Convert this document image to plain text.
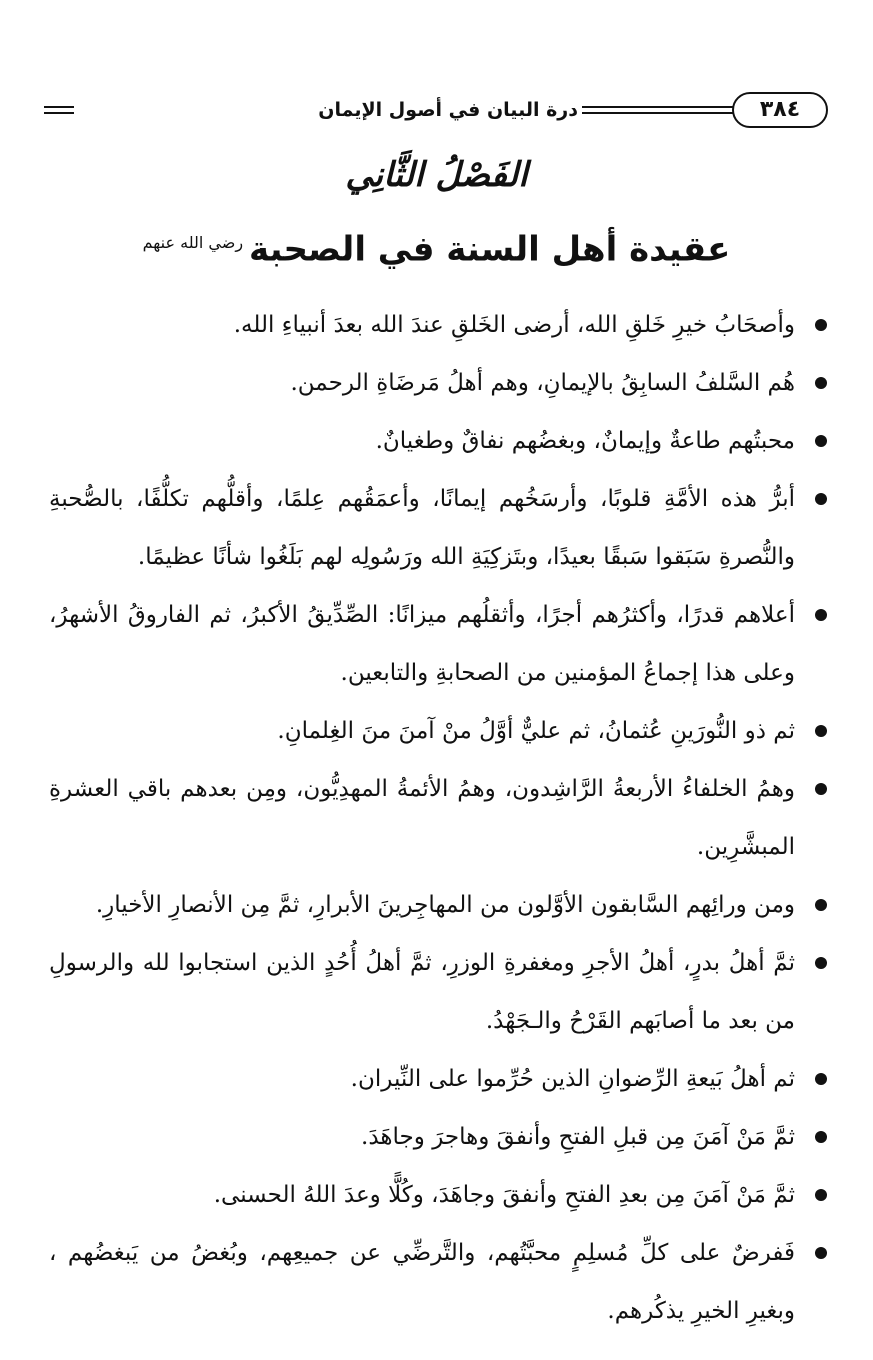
٣٨٤
درة البيان في أصول الإيمان
الفَصْلُ الثَّانِي
عقيدة أهل السنة في الصحبة$^{رضي الله عنهم}$
وأصحَابُ خيرِ خَلقِ الله، أرضى الخَلقِ عندَ الله بعدَ أنبياءِ الله.
هُم السَّلفُ السابِقُ بالإيمانِ، وهم أهلُ مَرضَاةِ الرحمن.
محبتُهم طاعةٌ وإيمانٌ، وبغضُهم نفاقٌ وطغيانٌ.
أبرُّ هذه الأمَّةِ قلوبًا، وأرسَخُهم إيمانًا، وأعمَقُهم عِلمًا، وأقلُّهم تكلُّفًا، بالصُّحبةِ والنُّصرةِ سَبَقوا سَبقًا بعيدًا، وبتَزكِيَةِ الله ورَسُولِه لهم بَلَغُوا شأنًا عظيمًا.
أعلاهم قدرًا، وأكثرُهم أجرًا، وأثقلُهم ميزانًا: الصِّدِّيقُ الأكبرُ، ثم الفاروقُ الأشهرُ، وعلى هذا إجماعُ المؤمنين من الصحابةِ والتابعين.
ثم ذو النُّورَينِ عُثمانُ، ثم عليٌّ أوَّلُ منْ آمنَ منَ الغِلمانِ.
وهمُ الخلفاءُ الأربعةُ الرَّاشِدون، وهمُ الأئمةُ المهدِيُّون، ومِن بعدهم باقي العشرةِ المبشَّرِين.
ومن ورائِهم السَّابقون الأوَّلون من المهاجِرينَ الأبرارِ، ثمَّ مِن الأنصارِ الأخيارِ.
ثمَّ أهلُ بدرٍ، أهلُ الأجرِ ومغفرةِ الوزرِ، ثمَّ أهلُ أُحُدٍ الذين استجابوا لله والرسولِ من بعد ما أصابَهم القَرْحُ والـجَهْدُ.
ثم أهلُ بَيعةِ الرِّضوانِ الذين حُرِّموا على النِّيران.
ثمَّ مَنْ آمَنَ مِن قبلِ الفتحِ وأنفقَ وهاجرَ وجاهَدَ.
ثمَّ مَنْ آمَنَ مِن بعدِ الفتحِ وأنفقَ وجاهَدَ، وكُلًّا وعدَ اللهُ الحسنى.
فَفرضٌ على كلِّ مُسلِمٍ محبَّتُهم، والتَّرضِّي عن جميعِهم، وبُغضُ من يَبغضُهم ، وبغيرِ الخيرِ يذكُرهم.
